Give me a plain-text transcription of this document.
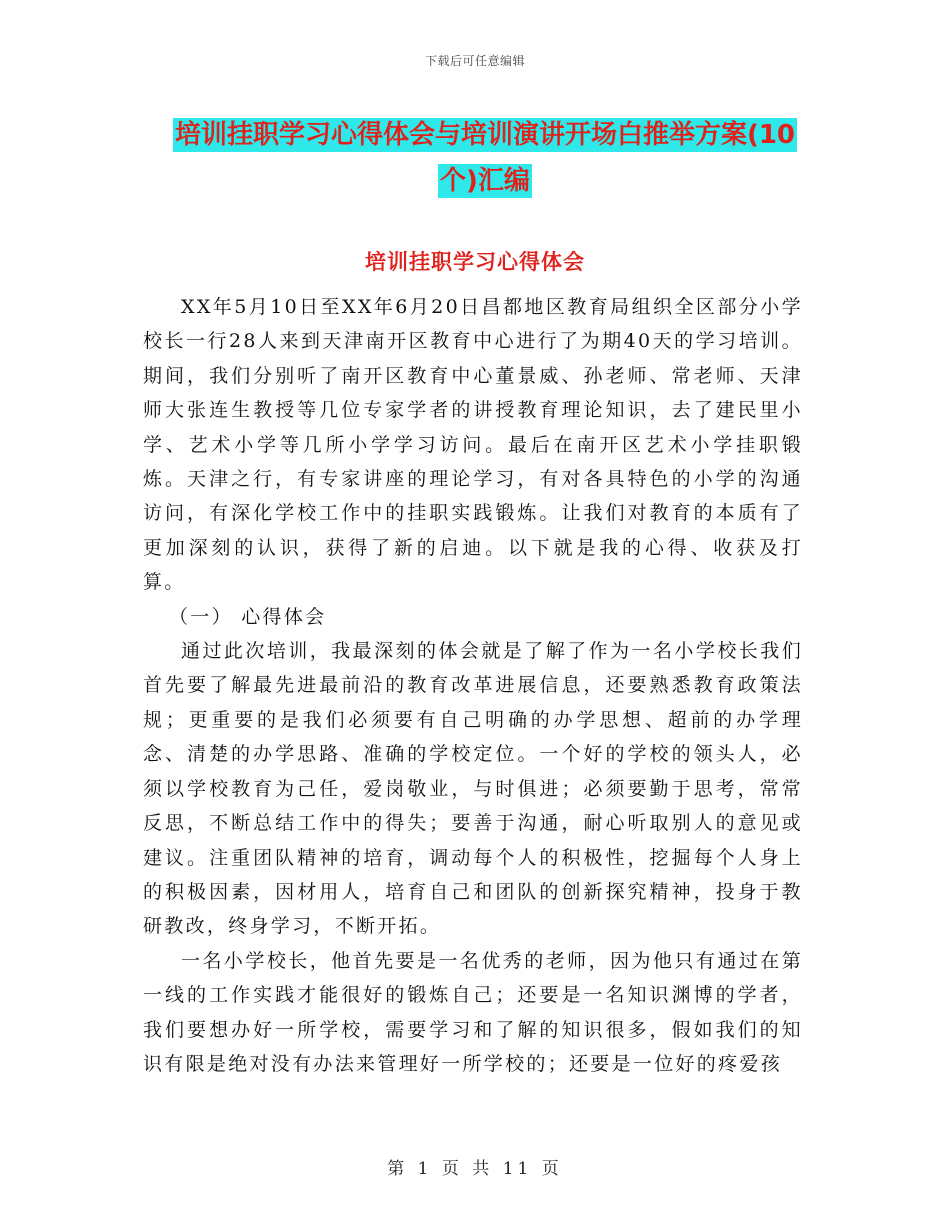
下载后可任意编辑
培训挂职学习心得体会与培训演讲开场白推举方案(10
个)汇编
培训挂职学习心得体会

XX年5月10日至XX年6月20日昌都地区教育局组织全区部分小学校长一行28人来到天津南开区教育中心进行了为期40天的学习培训。期间，我们分别听了南开区教育中心董景威、孙老师、常老师、天津师大张连生教授等几位专家学者的讲授教育理论知识，去了建民里小学、艺术小学等几所小学学习访问。最后在南开区艺术小学挂职锻炼。天津之行，有专家讲座的理论学习，有对各具特色的小学的沟通访问，有深化学校工作中的挂职实践锻炼。让我们对教育的本质有了更加深刻的认识，获得了新的启迪。以下就是我的心得、收获及打算。

（一） 心得体会

通过此次培训，我最深刻的体会就是了解了作为一名小学校长我们首先要了解最先进最前沿的教育改革进展信息，还要熟悉教育政策法规；更重要的是我们必须要有自己明确的办学思想、超前的办学理念、清楚的办学思路、准确的学校定位。一个好的学校的领头人，必须以学校教育为己任，爱岗敬业，与时俱进；必须要勤于思考，常常反思，不断总结工作中的得失；要善于沟通，耐心听取别人的意见或建议。注重团队精神的培育，调动每个人的积极性，挖掘每个人身上的积极因素，因材用人，培育自己和团队的创新探究精神，投身于教研教改，终身学习，不断开拓。

一名小学校长，他首先要是一名优秀的老师，因为他只有通过在第一线的工作实践才能很好的锻炼自己；还要是一名知识渊博的学者，我们要想办好一所学校，需要学习和了解的知识很多，假如我们的知识有限是绝对没有办法来管理好一所学校的；还要是一位好的疼爱孩

第 1 页 共 11 页
